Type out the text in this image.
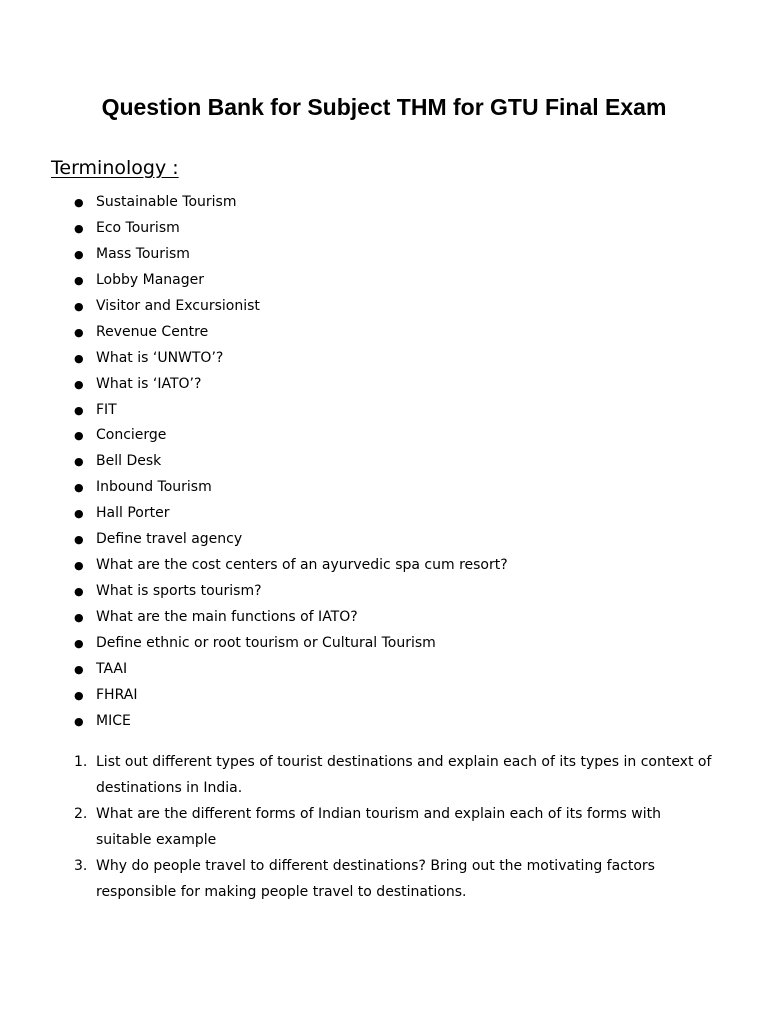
Question Bank for Subject THM for GTU Final Exam
Terminology :
● Sustainable Tourism
● Eco Tourism
● Mass Tourism
● Lobby Manager
● Visitor and Excursionist
● Revenue Centre
● What is ‘UNWTO’?
● What is ‘IATO’?
● FIT
● Concierge
● Bell Desk
● Inbound Tourism
● Hall Porter
● Define travel agency
● What are the cost centers of an ayurvedic spa cum resort?
● What is sports tourism?
● What are the main functions of IATO?
● Define ethnic or root tourism or Cultural Tourism
● TAAI
● FHRAI
● MICE
1. List out different types of tourist destinations and explain each of its types in context of destinations in India.
2. What are the different forms of Indian tourism and explain each of its forms with suitable example
3. Why do people travel to different destinations? Bring out the motivating factors responsible for making people travel to destinations.
